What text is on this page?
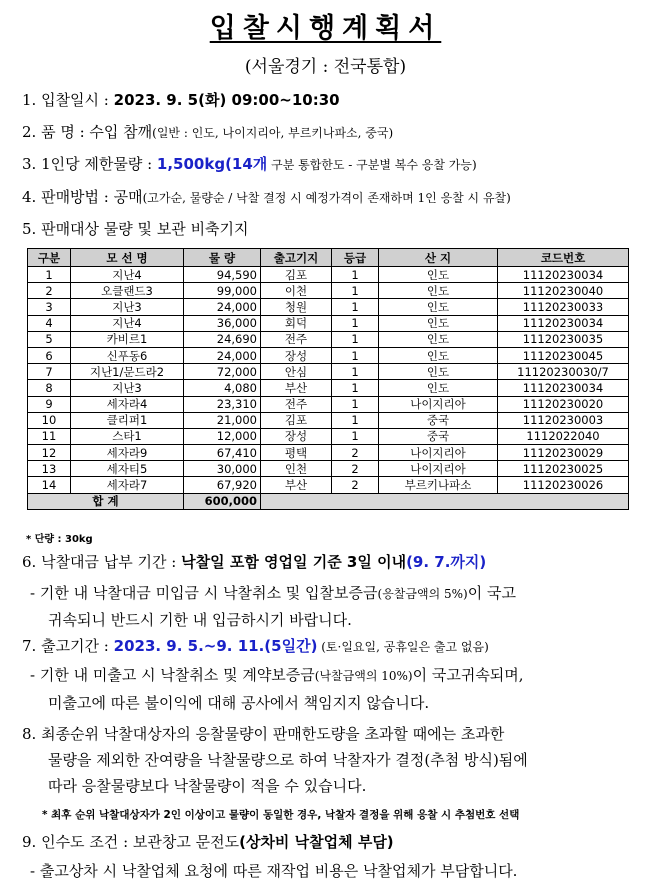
입찰시행계획서
(서울경기 : 전국통합)
1. 입찰일시 : 2023. 9. 5(화) 09:00~10:30
2. 품 명 : 수입 참깨(일반 : 인도, 나이지리아, 부르키나파소, 중국)
3. 1인당 제한물량 : 1,500kg(14개 구분 통합한도 - 구분별 복수 응찰 가능)
4. 판매방법 : 공매(고가순, 물량순 / 낙찰 결정 시 예정가격이 존재하며 1인 응찰 시 유찰)
5. 판매대상 물량 및 보관 비축기지
구분	모 선 명	물 량	출고기지	등급	산 지	코드번호
1	지난4	94,590	김포	1	인도	11120230034
2	오클랜드3	99,000	이천	1	인도	11120230040
3	지난3	24,000	청원	1	인도	11120230033
4	지난4	36,000	회덕	1	인도	11120230034
5	카비르1	24,690	전주	1	인도	11120230035
6	신푸동6	24,000	장성	1	인도	11120230045
7	지난1/문드라2	72,000	안심	1	인도	11120230030/7
8	지난3	4,080	부산	1	인도	11120230034
9	세자라4	23,310	전주	1	나이지리아	11120230020
10	클리퍼1	21,000	김포	1	중국	11120230003
11	스타1	12,000	장성	1	중국	1112022040
12	세자라9	67,410	평택	2	나이지리아	11120230029
13	세자티5	30,000	인천	2	나이지리아	11120230025
14	세자라7	67,920	부산	2	부르키나파소	11120230026
합 계		600,000				
* 단량 : 30kg
6. 낙찰대금 납부 기간 : 낙찰일 포함 영업일 기준 3일 이내(9. 7.까지)
- 기한 내 낙찰대금 미입금 시 낙찰취소 및 입찰보증금(응찰금액의 5%)이 국고
귀속되니 반드시 기한 내 입금하시기 바랍니다.
7. 출고기간 : 2023. 9. 5.~9. 11.(5일간) (토·일요일, 공휴일은 출고 없음)
- 기한 내 미출고 시 낙찰취소 및 계약보증금(낙찰금액의 10%)이 국고귀속되며,
미출고에 따른 불이익에 대해 공사에서 책임지지 않습니다.
8. 최종순위 낙찰대상자의 응찰물량이 판매한도량을 초과할 때에는 초과한
물량을 제외한 잔여량을 낙찰물량으로 하여 낙찰자가 결정(추첨 방식)됨에
따라 응찰물량보다 낙찰물량이 적을 수 있습니다.
* 최후 순위 낙찰대상자가 2인 이상이고 물량이 동일한 경우, 낙찰자 결정을 위해 응찰 시 추첨번호 선택
9. 인수도 조건 : 보관창고 문전도(상차비 낙찰업체 부담)
- 출고상차 시 낙찰업체 요청에 따른 재작업 비용은 낙찰업체가 부담합니다.
